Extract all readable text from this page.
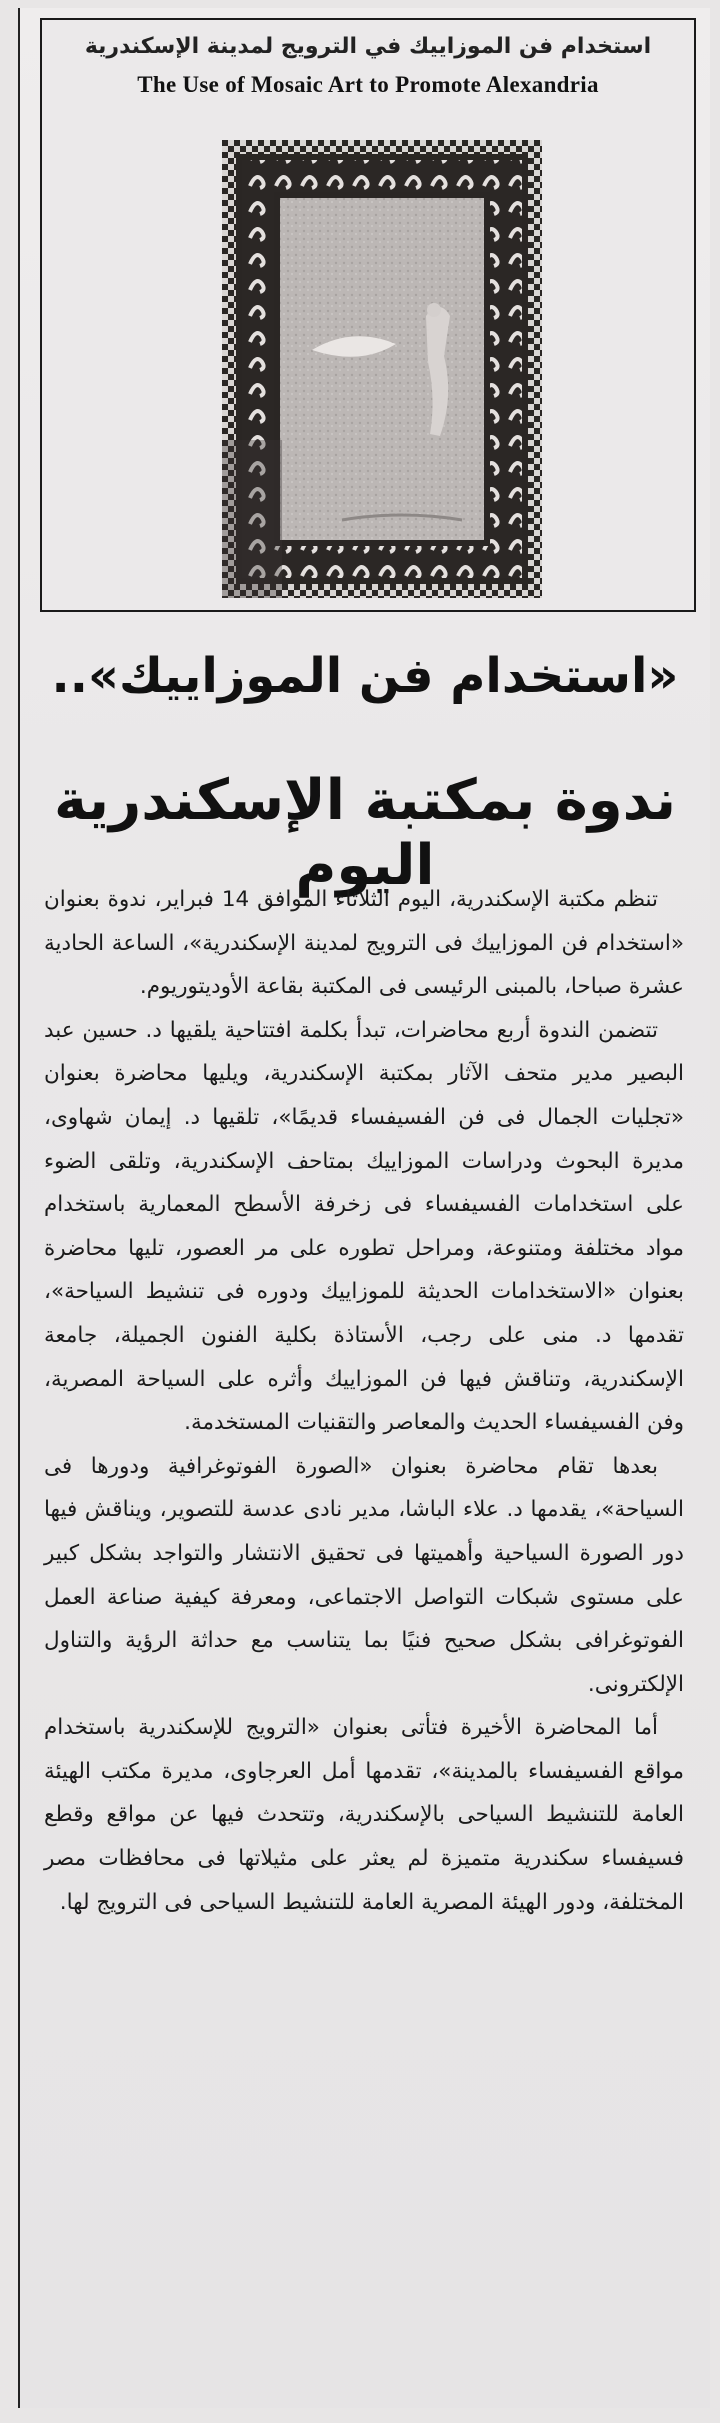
استخدام فن الموزاييك في الترويج لمدينة الإسكندرية
The Use of Mosaic Art to Promote Alexandria
«استخدام فن الموزاييك»..
ندوة بمكتبة الإسكندرية اليوم

تنظم مكتبة الإسكندرية، اليوم الثلاثاء الموافق 14 فبراير، ندوة بعنوان «استخدام فن الموزاييك فى الترويج لمدينة الإسكندرية»، الساعة الحادية عشرة صباحا، بالمبنى الرئيسى فى المكتبة بقاعة الأوديتوريوم.

تتضمن الندوة أربع محاضرات، تبدأ بكلمة افتتاحية يلقيها د. حسين عبد البصير مدير متحف الآثار بمكتبة الإسكندرية، ويليها محاضرة بعنوان «تجليات الجمال فى فن الفسيفساء قديمًا»، تلقيها د. إيمان شهاوى، مديرة البحوث ودراسات الموزاييك بمتاحف الإسكندرية، وتلقى الضوء على استخدامات الفسيفساء فى زخرفة الأسطح المعمارية باستخدام مواد مختلفة ومتنوعة، ومراحل تطوره على مر العصور، تليها محاضرة بعنوان «الاستخدامات الحديثة للموزاييك ودوره فى تنشيط السياحة»، تقدمها د. منى على رجب، الأستاذة بكلية الفنون الجميلة، جامعة الإسكندرية، وتناقش فيها فن الموزاييك وأثره على السياحة المصرية، وفن الفسيفساء الحديث والمعاصر والتقنيات المستخدمة.

بعدها تقام محاضرة بعنوان «الصورة الفوتوغرافية ودورها فى السياحة»، يقدمها د. علاء الباشا، مدير نادى عدسة للتصوير، ويناقش فيها دور الصورة السياحية وأهميتها فى تحقيق الانتشار والتواجد بشكل كبير على مستوى شبكات التواصل الاجتماعى، ومعرفة كيفية صناعة العمل الفوتوغرافى بشكل صحيح فنيًا بما يتناسب مع حداثة الرؤية والتناول الإلكترونى.

أما المحاضرة الأخيرة فتأتى بعنوان «الترويج للإسكندرية باستخدام مواقع الفسيفساء بالمدينة»، تقدمها أمل العرجاوى، مديرة مكتب الهيئة العامة للتنشيط السياحى بالإسكندرية، وتتحدث فيها عن مواقع وقطع فسيفساء سكندرية متميزة لم يعثر على مثيلاتها فى محافظات مصر المختلفة، ودور الهيئة المصرية العامة للتنشيط السياحى فى الترويج لها.
